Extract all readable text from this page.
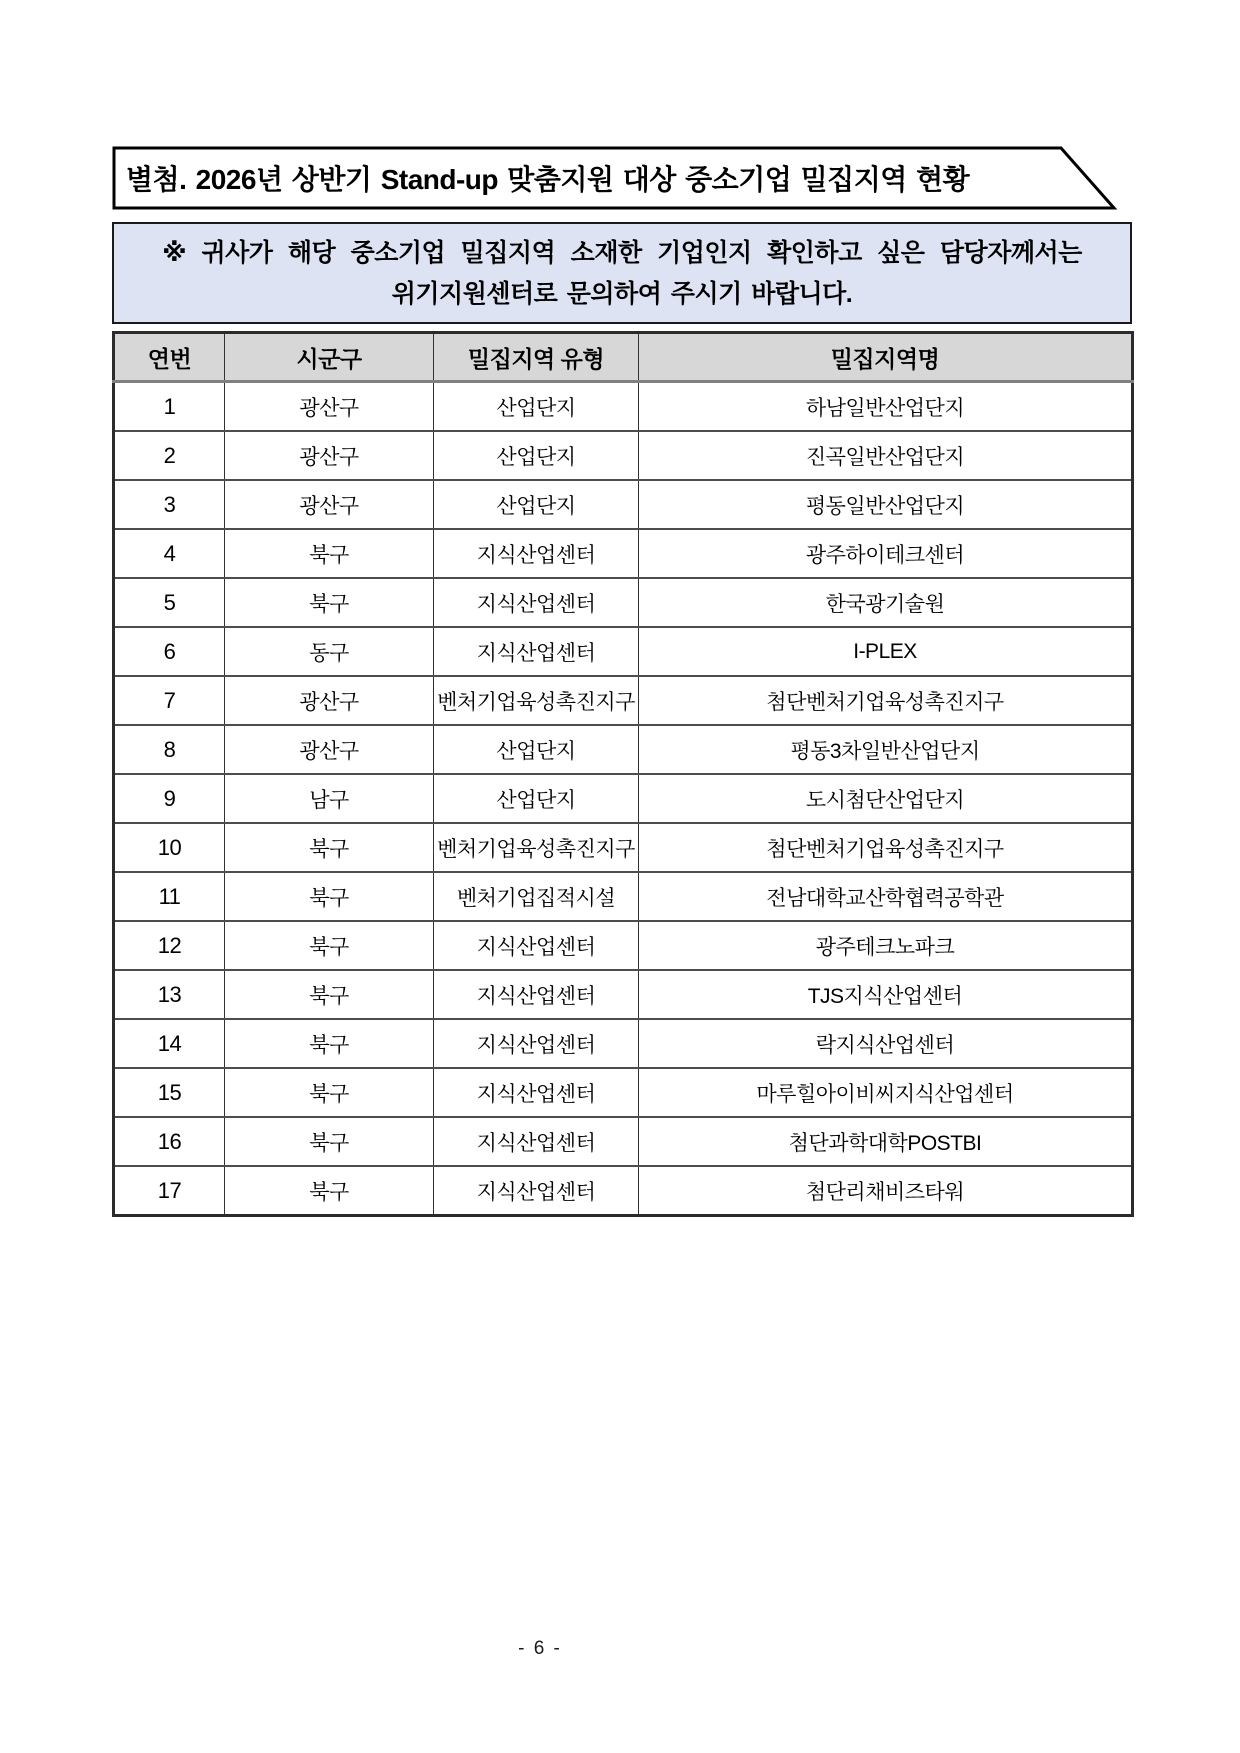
별첨. 2026년 상반기 Stand-up 맞춤지원 대상 중소기업 밀집지역 현황
※ 귀사가 해당 중소기업 밀집지역 소재한 기업인지 확인하고 싶은 담당자께서는
위기지원센터로 문의하여 주시기 바랍니다.
연번	시군구	밀집지역 유형	밀집지역명
1	광산구	산업단지	하남일반산업단지
2	광산구	산업단지	진곡일반산업단지
3	광산구	산업단지	평동일반산업단지
4	북구	지식산업센터	광주하이테크센터
5	북구	지식산업센터	한국광기술원
6	동구	지식산업센터	I-PLEX
7	광산구	벤처기업육성촉진지구	첨단벤처기업육성촉진지구
8	광산구	산업단지	평동3차일반산업단지
9	남구	산업단지	도시첨단산업단지
10	북구	벤처기업육성촉진지구	첨단벤처기업육성촉진지구
11	북구	벤처기업집적시설	전남대학교산학협력공학관
12	북구	지식산업센터	광주테크노파크
13	북구	지식산업센터	TJS지식산업센터
14	북구	지식산업센터	락지식산업센터
15	북구	지식산업센터	마루힐아이비씨지식산업센터
16	북구	지식산업센터	첨단과학대학POSTBI
17	북구	지식산업센터	첨단리채비즈타워
- 6 -
